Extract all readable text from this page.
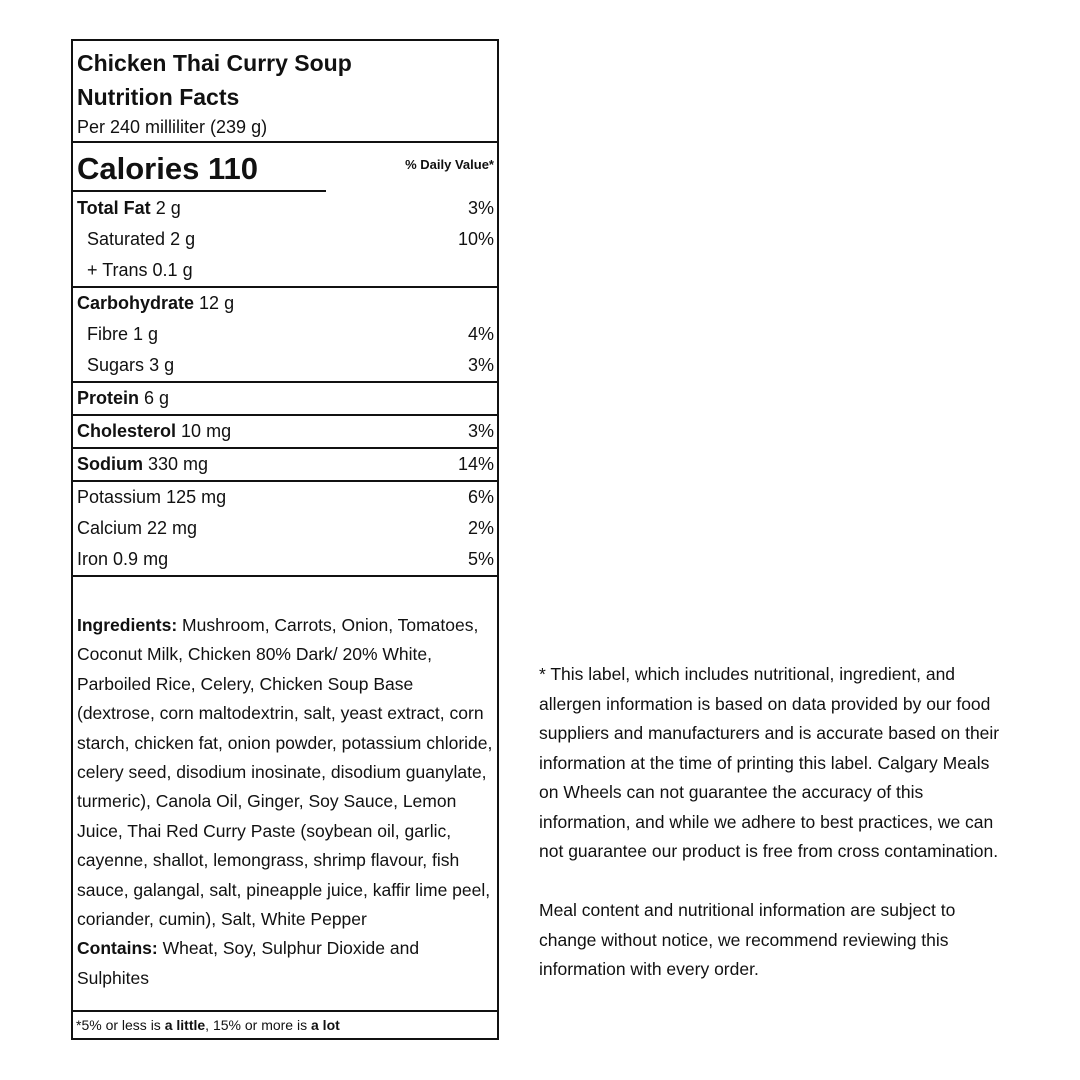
Chicken Thai Curry Soup
Nutrition Facts
Per 240 milliliter (239 g)
Calories 110	% Daily Value*
Total Fat 2 g	3%
Saturated 2 g	10%
+ Trans 0.1 g
Carbohydrate 12 g
Fibre 1 g	4%
Sugars 3 g	3%
Protein 6 g
Cholesterol 10 mg	3%
Sodium 330 mg	14%
Potassium 125 mg	6%
Calcium 22 mg	2%
Iron 0.9 mg	5%
Ingredients: Mushroom, Carrots, Onion, Tomatoes, Coconut Milk, Chicken 80% Dark/ 20% White, Parboiled Rice, Celery, Chicken Soup Base (dextrose, corn maltodextrin, salt, yeast extract, corn starch, chicken fat, onion powder, potassium chloride, celery seed, disodium inosinate, disodium guanylate, turmeric), Canola Oil, Ginger, Soy Sauce, Lemon Juice, Thai Red Curry Paste (soybean oil, garlic, cayenne, shallot, lemongrass, shrimp flavour, fish sauce, galangal, salt, pineapple juice, kaffir lime peel, coriander, cumin), Salt, White Pepper
Contains: Wheat, Soy, Sulphur Dioxide and Sulphites
*5% or less is a little, 15% or more is a lot

* This label, which includes nutritional, ingredient, and allergen information is based on data provided by our food suppliers and manufacturers and is accurate based on their information at the time of printing this label. Calgary Meals on Wheels can not guarantee the accuracy of this information, and while we adhere to best practices, we can not guarantee our product is free from cross contamination.

Meal content and nutritional information are subject to change without notice, we recommend reviewing this information with every order.
